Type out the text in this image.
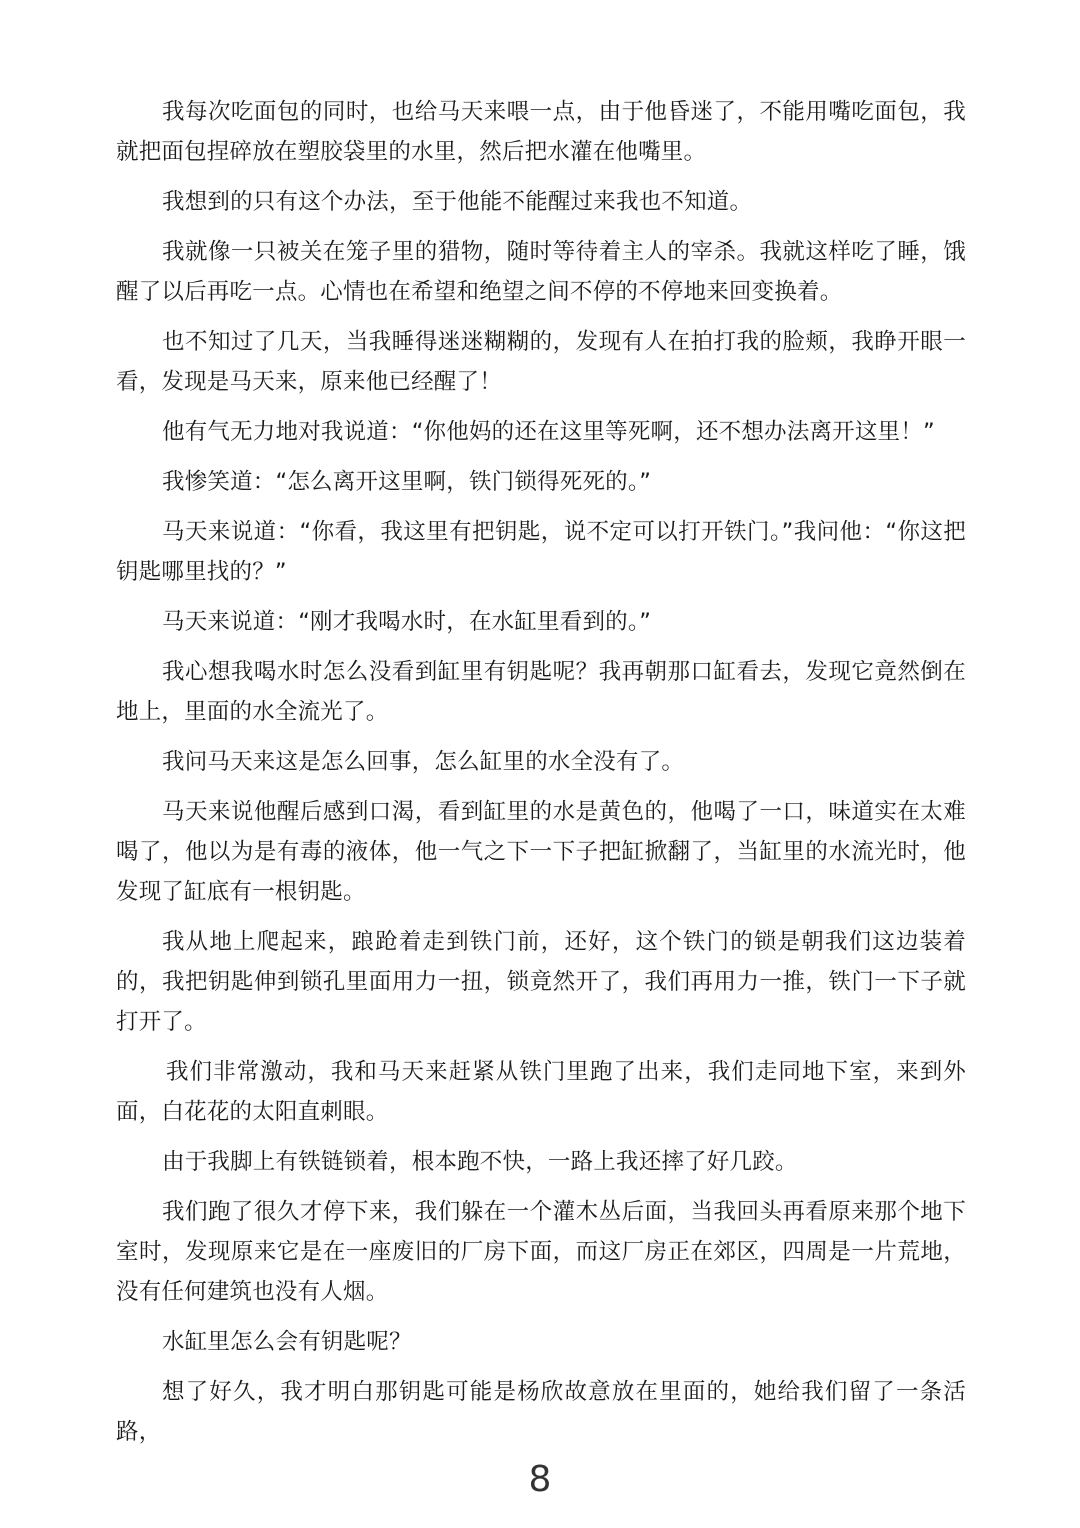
我每次吃面包的同时，也给马天来喂一点，由于他昏迷了，不能用嘴吃面包，我就把面包捏碎放在塑胶袋里的水里，然后把水灌在他嘴里。

我想到的只有这个办法，至于他能不能醒过来我也不知道。

我就像一只被关在笼子里的猎物，随时等待着主人的宰杀。我就这样吃了睡，饿醒了以后再吃一点。心情也在希望和绝望之间不停的不停地来回变换着。

也不知过了几天，当我睡得迷迷糊糊的，发现有人在拍打我的脸颊，我睁开眼一看，发现是马天来，原来他已经醒了！

他有气无力地对我说道：“你他妈的还在这里等死啊，还不想办法离开这里！”

我惨笑道：“怎么离开这里啊，铁门锁得死死的。”

马天来说道：“你看，我这里有把钥匙，说不定可以打开铁门。”我问他：“你这把钥匙哪里找的？”

马天来说道：“刚才我喝水时，在水缸里看到的。”

我心想我喝水时怎么没看到缸里有钥匙呢？我再朝那口缸看去，发现它竟然倒在地上，里面的水全流光了。

我问马天来这是怎么回事，怎么缸里的水全没有了。

马天来说他醒后感到口渴，看到缸里的水是黄色的，他喝了一口，味道实在太难喝了，他以为是有毒的液体，他一气之下一下子把缸掀翻了，当缸里的水流光时，他发现了缸底有一根钥匙。

我从地上爬起来，踉跄着走到铁门前，还好，这个铁门的锁是朝我们这边装着的，我把钥匙伸到锁孔里面用力一扭，锁竟然开了，我们再用力一推，铁门一下子就打开了。

我们非常激动，我和马天来赶紧从铁门里跑了出来，我们走同地下室，来到外面，白花花的太阳直刺眼。

由于我脚上有铁链锁着，根本跑不快，一路上我还摔了好几跤。

我们跑了很久才停下来，我们躲在一个灌木丛后面，当我回头再看原来那个地下室时，发现原来它是在一座废旧的厂房下面，而这厂房正在郊区，四周是一片荒地，没有任何建筑也没有人烟。

水缸里怎么会有钥匙呢？

想了好久，我才明白那钥匙可能是杨欣故意放在里面的，她给我们留了一条活路，

8
